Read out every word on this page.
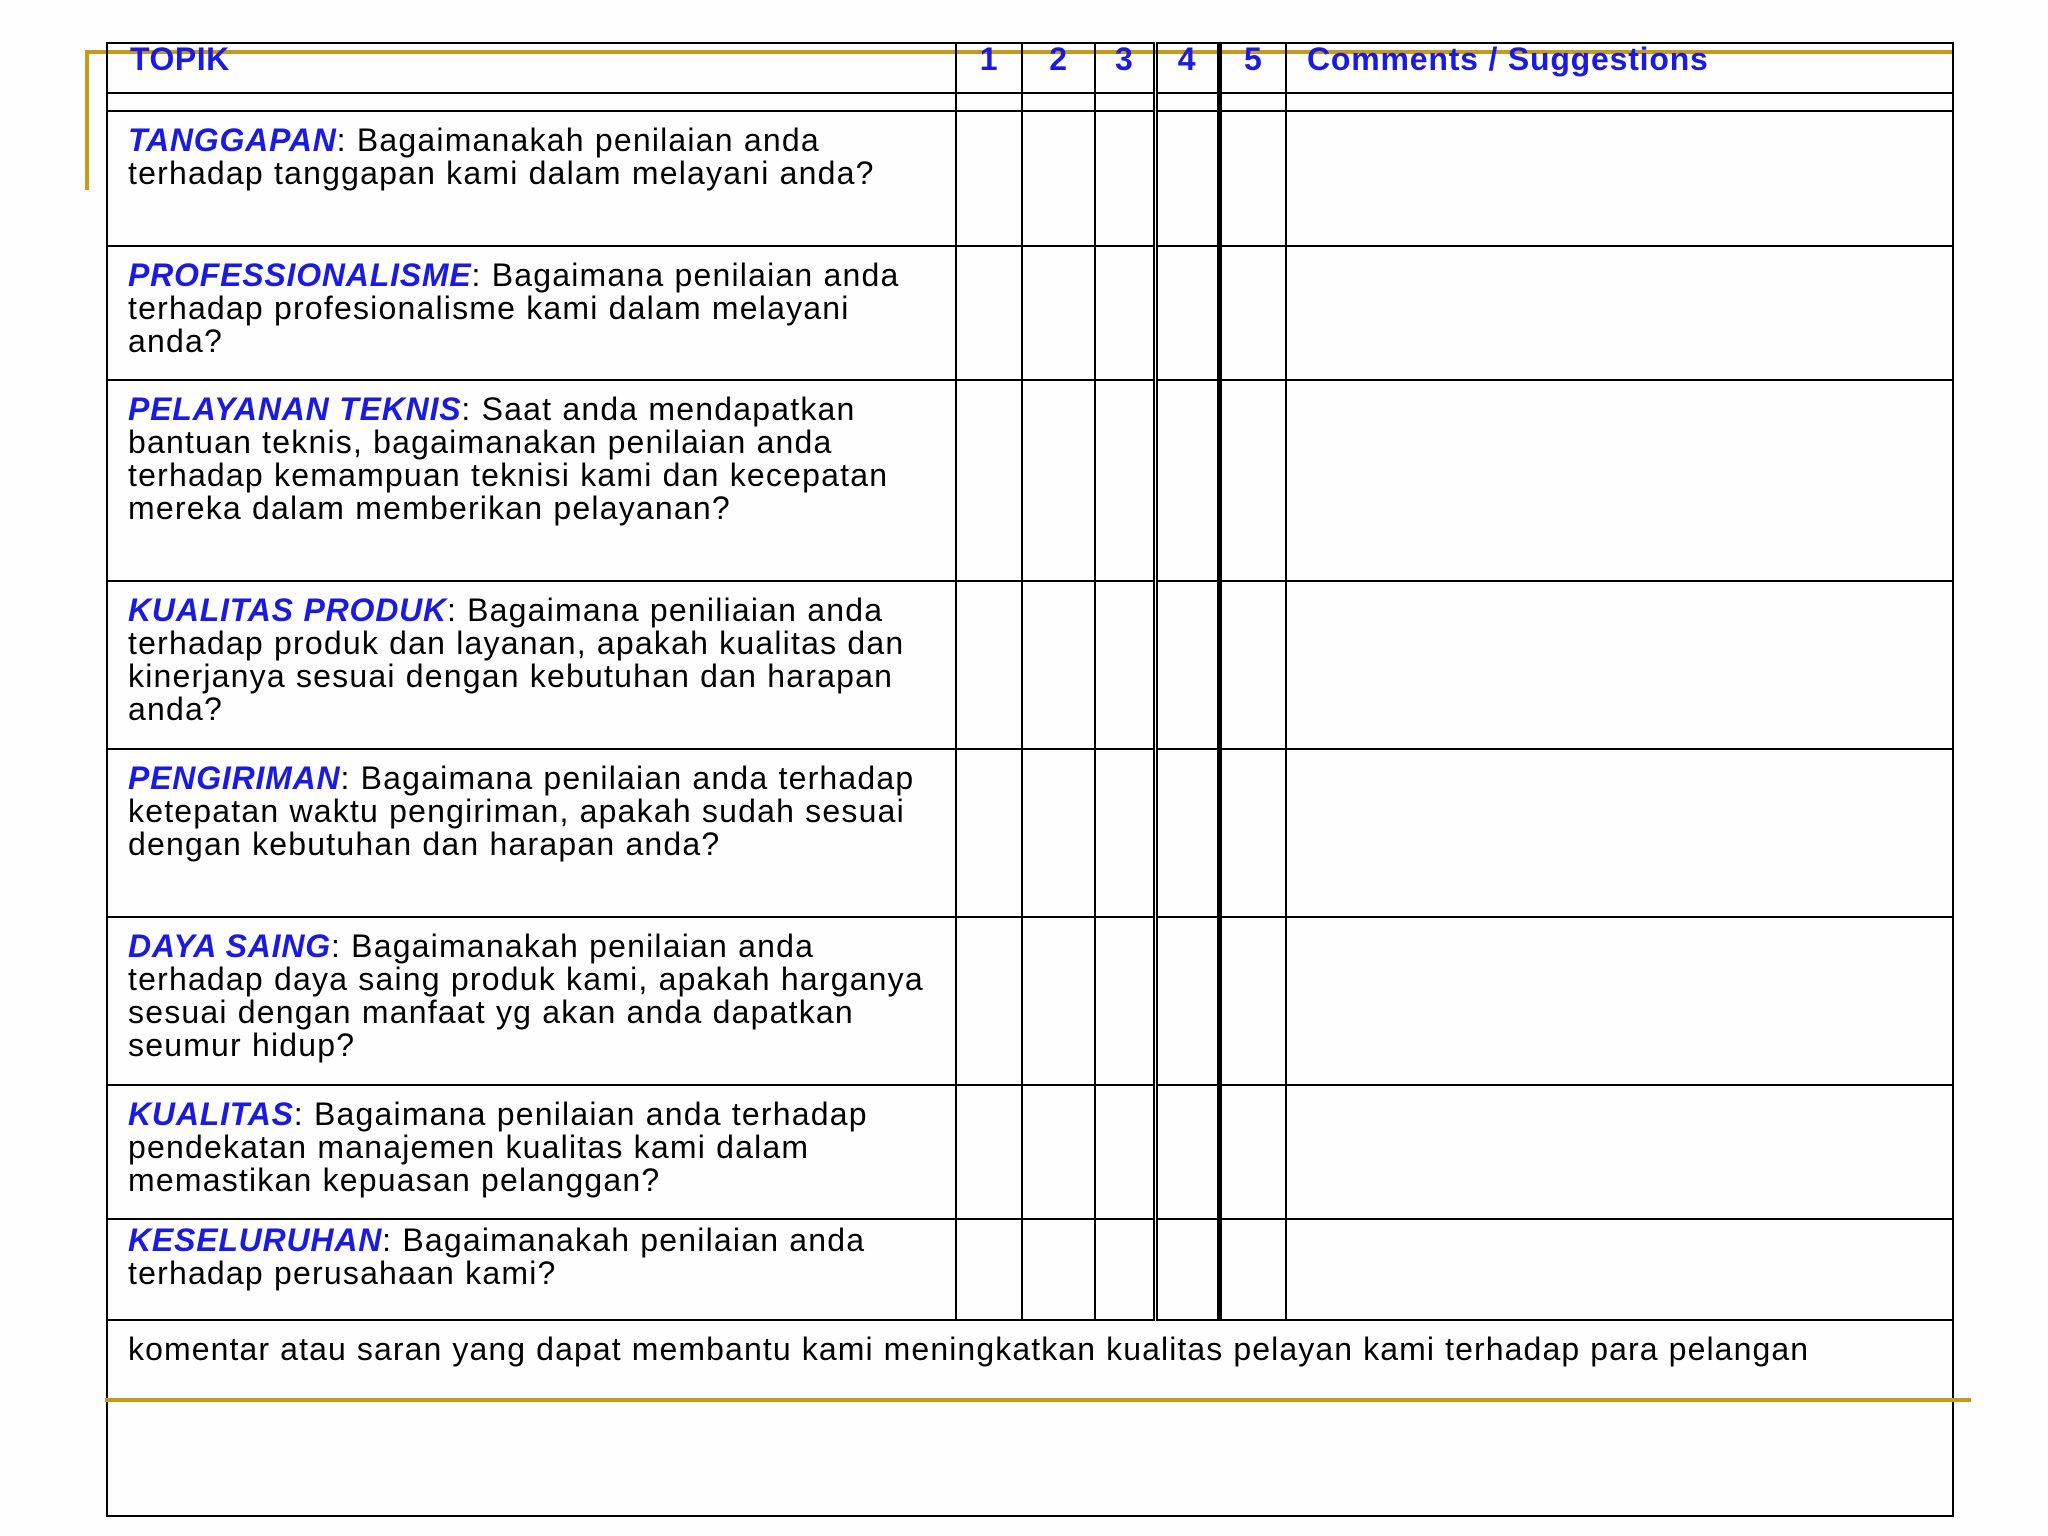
TOPIK	1	2	3	4	5	Comments / Suggestions

TANGGAPAN: Bagaimanakah penilaian anda terhadap tanggapan kami dalam melayani anda?						
PROFESSIONALISME: Bagaimana penilaian anda terhadap profesionalisme kami dalam melayani anda?						
PELAYANAN TEKNIS: Saat anda mendapatkan bantuan teknis, bagaimanakan penilaian anda terhadap kemampuan teknisi kami dan kecepatan mereka dalam memberikan pelayanan?						
KUALITAS PRODUK: Bagaimana peniliaian anda terhadap produk dan layanan, apakah kualitas dan kinerjanya sesuai dengan kebutuhan dan harapan anda?						
PENGIRIMAN: Bagaimana penilaian anda terhadap ketepatan waktu pengiriman, apakah sudah sesuai dengan kebutuhan dan harapan anda?						
DAYA SAING: Bagaimanakah penilaian anda terhadap daya saing produk kami, apakah harganya sesuai dengan manfaat yg akan anda dapatkan seumur hidup?						
KUALITAS: Bagaimana penilaian anda terhadap pendekatan manajemen kualitas kami dalam memastikan kepuasan pelanggan?						
KESELURUHAN: Bagaimanakah penilaian anda terhadap perusahaan kami?						
komentar atau saran yang dapat membantu kami meningkatkan kualitas pelayan kami terhadap para pelangan						
